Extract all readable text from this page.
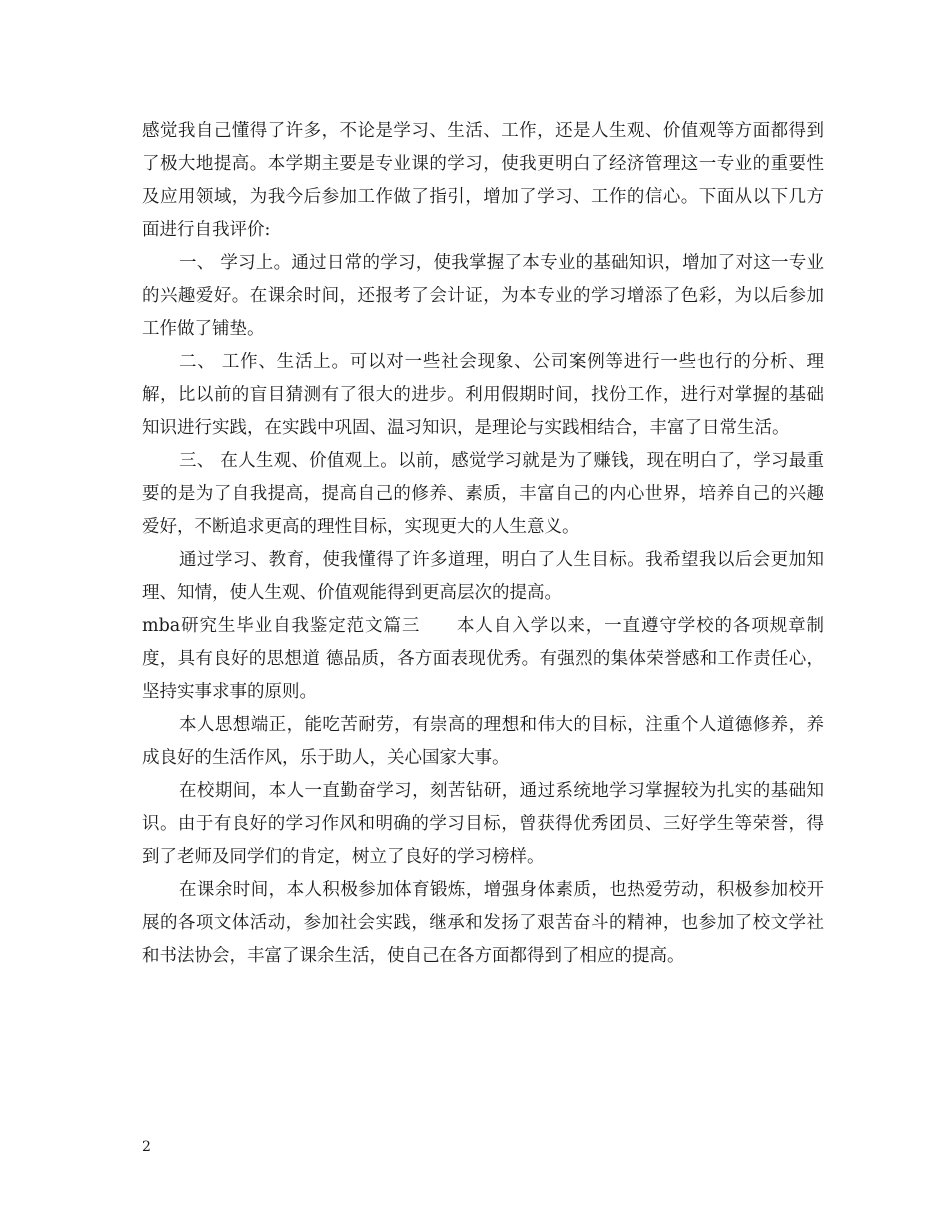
感觉我自己懂得了许多，不论是学习、生活、工作，还是人生观、价值观等方面都得到了极大地提高。本学期主要是专业课的学习，使我更明白了经济管理这一专业的重要性及应用领域，为我今后参加工作做了指引，增加了学习、工作的信心。下面从以下几方面进行自我评价:

一、 学习上。通过日常的学习，使我掌握了本专业的基础知识，增加了对这一专业的兴趣爱好。在课余时间，还报考了会计证，为本专业的学习增添了色彩，为以后参加工作做了铺垫。

二、 工作、生活上。可以对一些社会现象、公司案例等进行一些也行的分析、理解，比以前的盲目猜测有了很大的进步。利用假期时间，找份工作，进行对掌握的基础知识进行实践，在实践中巩固、温习知识，是理论与实践相结合，丰富了日常生活。

三、 在人生观、价值观上。以前，感觉学习就是为了赚钱，现在明白了，学习最重要的是为了自我提高，提高自己的修养、素质，丰富自己的内心世界，培养自己的兴趣爱好，不断追求更高的理性目标，实现更大的人生意义。

通过学习、教育，使我懂得了许多道理，明白了人生目标。我希望我以后会更加知理、知情，使人生观、价值观能得到更高层次的提高。

mba研究生毕业自我鉴定范文篇三　　本人自入学以来，一直遵守学校的各项规章制度，具有良好的思想道 德品质，各方面表现优秀。有强烈的集体荣誉感和工作责任心，坚持实事求事的原则。

本人思想端正，能吃苦耐劳，有崇高的理想和伟大的目标，注重个人道德修养，养成良好的生活作风，乐于助人，关心国家大事。

在校期间，本人一直勤奋学习，刻苦钻研，通过系统地学习掌握较为扎实的基础知识。由于有良好的学习作风和明确的学习目标，曾获得优秀团员、三好学生等荣誉，得到了老师及同学们的肯定，树立了良好的学习榜样。

在课余时间，本人积极参加体育锻炼，增强身体素质，也热爱劳动，积极参加校开展的各项文体活动，参加社会实践，继承和发扬了艰苦奋斗的精神，也参加了校文学社和书法协会，丰富了课余生活，使自己在各方面都得到了相应的提高。

2
